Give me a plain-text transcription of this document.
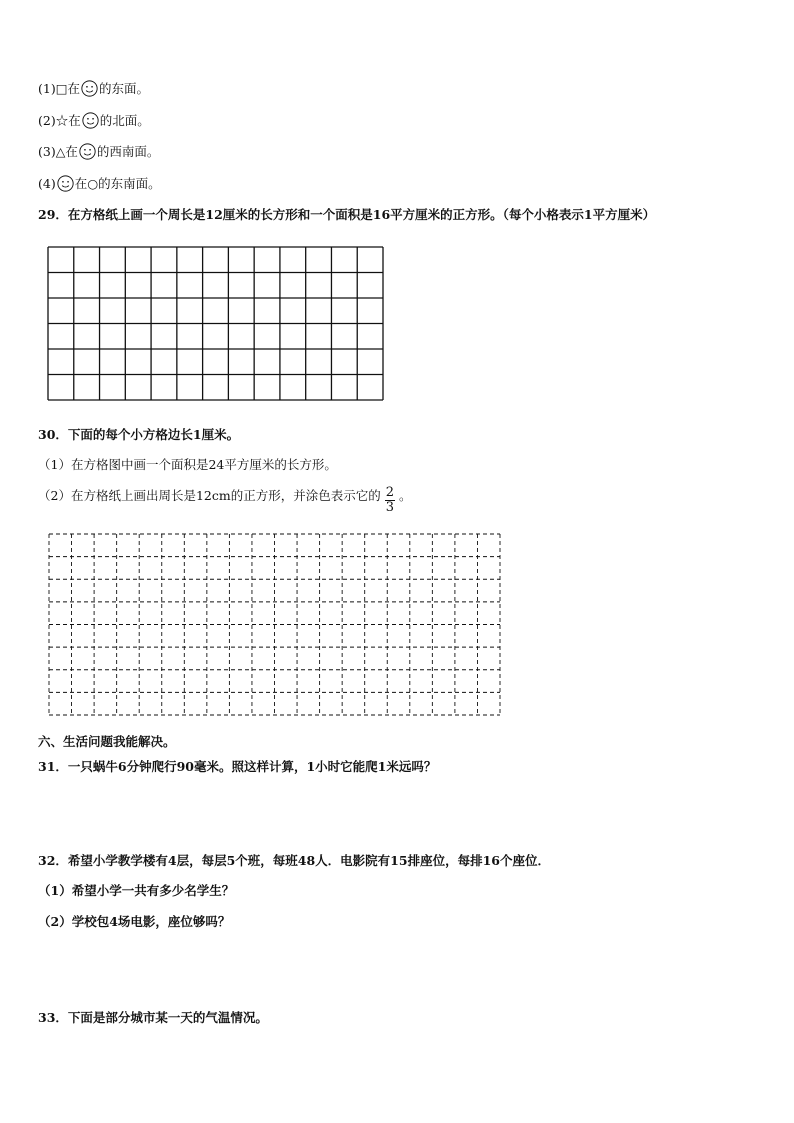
(1)□在 的东面。
(2)☆在 的北面。
(3)△在 的西南面。
(4) 在○的东南面。
29．在方格纸上画一个周长是12厘米的长方形和一个面积是16平方厘米的正方形。（每个小格表示1平方厘米）
30．下面的每个小方格边长1厘米。
（1）在方格图中画一个面积是24平方厘米的长方形。
（2）在方格纸上画出周长是12cm的正方形，并涂色表示它的 $\frac{2}{3}$ 。
六、生活问题我能解决。
31．一只蜗牛6分钟爬行90毫米。照这样计算，1小时它能爬1米远吗？
32．希望小学教学楼有4层，每层5个班，每班48人．电影院有15排座位，每排16个座位．
（1）希望小学一共有多少名学生？
（2）学校包4场电影，座位够吗？
33．下面是部分城市某一天的气温情况。
